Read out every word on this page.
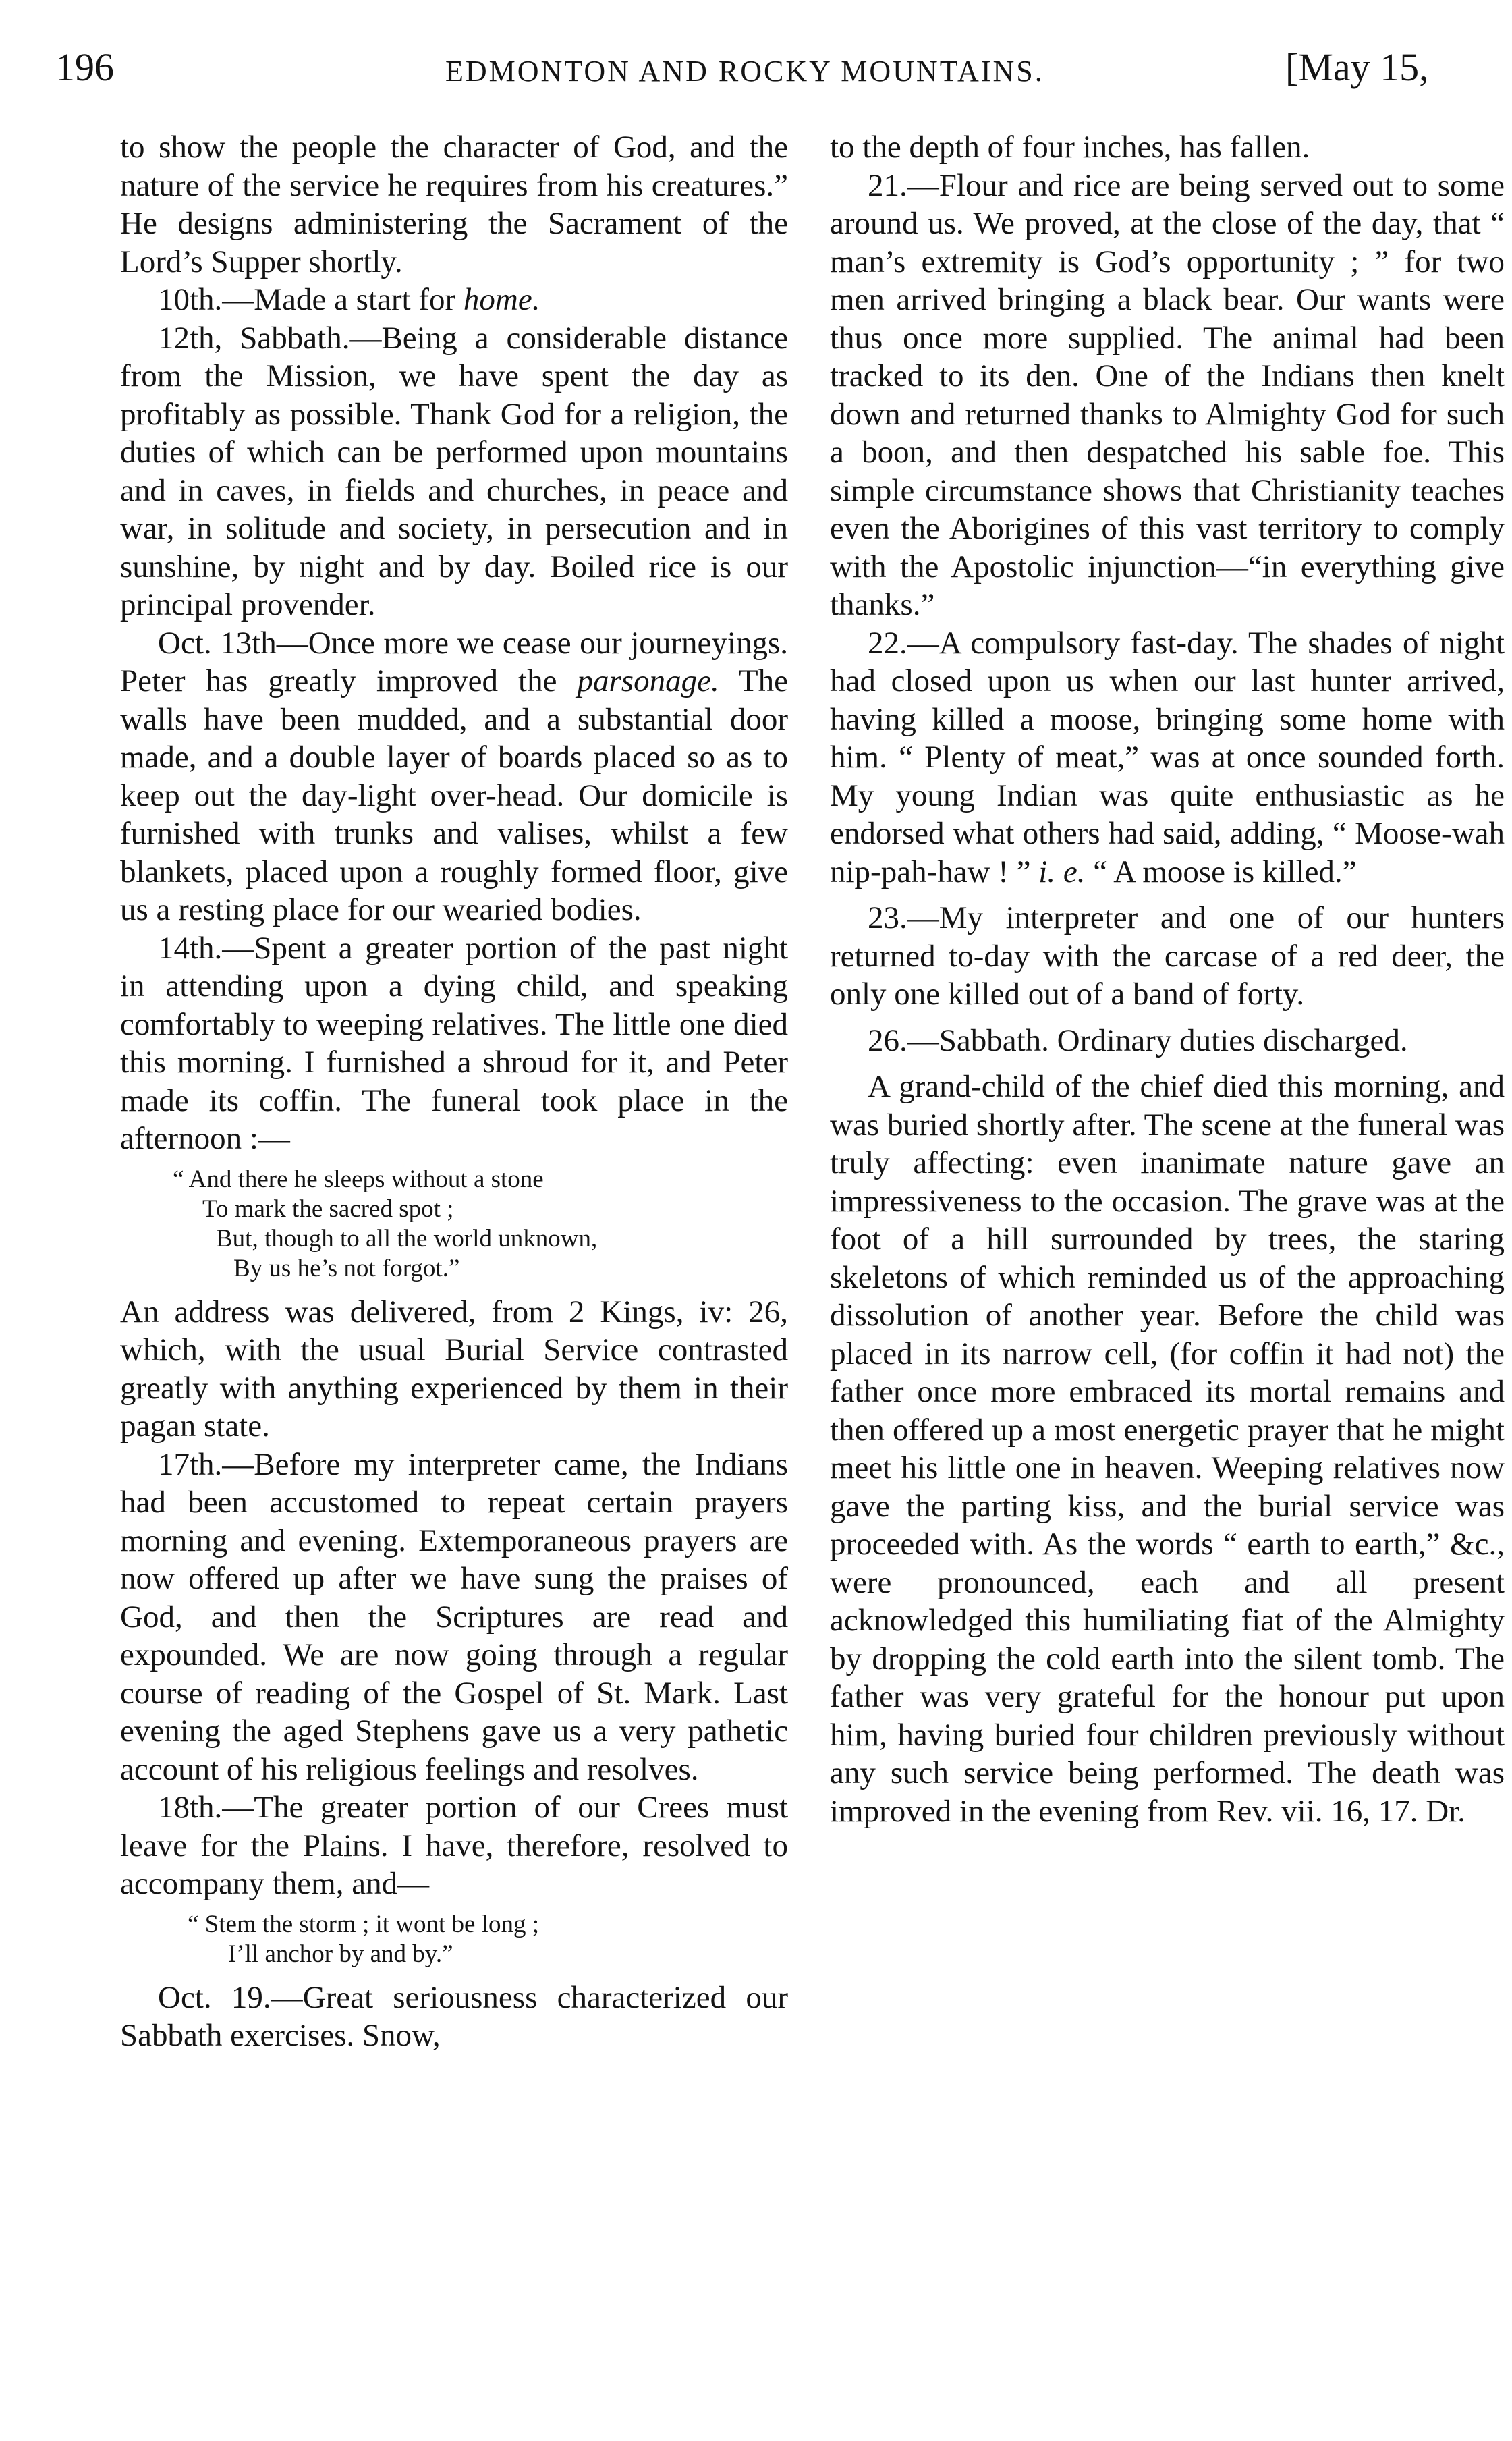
196	EDMONTON AND ROCKY MOUNTAINS.	[May 15,

to show the people the character of God, and the nature of the service he requires from his creatures.” He designs administering the Sacrament of the Lord’s Supper shortly.

10th.—Made a start for home.

12th, Sabbath.—Being a considerable distance from the Mission, we have spent the day as profitably as possible. Thank God for a religion, the duties of which can be performed upon mountains and in caves, in fields and churches, in peace and war, in solitude and society, in persecution and in sunshine, by night and by day. Boiled rice is our principal provender.

Oct. 13th—Once more we cease our journeyings. Peter has greatly improved the parsonage. The walls have been mudded, and a substantial door made, and a double layer of boards placed so as to keep out the day-light over-head. Our domicile is furnished with trunks and valises, whilst a few blankets, placed upon a roughly formed floor, give us a resting place for our wearied bodies.

14th.—Spent a greater portion of the past night in attending upon a dying child, and speaking comfortably to weeping relatives. The little one died this morning. I furnished a shroud for it, and Peter made its coffin. The funeral took place in the afternoon :—

“ And there he sleeps without a stone
To mark the sacred spot ;
But, though to all the world unknown,
By us he’s not forgot.”

An address was delivered, from 2 Kings, iv: 26, which, with the usual Burial Service contrasted greatly with anything experienced by them in their pagan state.

17th.—Before my interpreter came, the Indians had been accustomed to repeat certain prayers morning and evening. Extemporaneous prayers are now offered up after we have sung the praises of God, and then the Scriptures are read and expounded. We are now going through a regular course of reading of the Gospel of St. Mark. Last evening the aged Stephens gave us a very pathetic account of his religious feelings and resolves.

18th.—The greater portion of our Crees must leave for the Plains. I have, therefore, resolved to accompany them, and—

“ Stem the storm ; it wont be long ;
I’ll anchor by and by.”

Oct. 19.—Great seriousness characterized our Sabbath exercises. Snow,

to the depth of four inches, has fallen.

21.—Flour and rice are being served out to some around us. We proved, at the close of the day, that “ man’s extremity is God’s opportunity ; ” for two men arrived bringing a black bear. Our wants were thus once more supplied. The animal had been tracked to its den. One of the Indians then knelt down and returned thanks to Almighty God for such a boon, and then despatched his sable foe. This simple circumstance shows that Christianity teaches even the Aborigines of this vast territory to comply with the Apostolic injunction—“in everything give thanks.”

22.—A compulsory fast-day. The shades of night had closed upon us when our last hunter arrived, having killed a moose, bringing some home with him. “ Plenty of meat,” was at once sounded forth. My young Indian was quite enthusiastic as he endorsed what others had said, adding, “ Moose-wah nip-pah-haw ! ” i. e. “ A moose is killed.”

23.—My interpreter and one of our hunters returned to-day with the carcase of a red deer, the only one killed out of a band of forty.

26.—Sabbath. Ordinary duties discharged.

A grand-child of the chief died this morning, and was buried shortly after. The scene at the funeral was truly affecting: even inanimate nature gave an impressiveness to the occasion. The grave was at the foot of a hill surrounded by trees, the staring skeletons of which reminded us of the approaching dissolution of another year. Before the child was placed in its narrow cell, (for coffin it had not) the father once more embraced its mortal remains and then offered up a most energetic prayer that he might meet his little one in heaven. Weeping relatives now gave the parting kiss, and the burial service was proceeded with. As the words “ earth to earth,” &c., were pronounced, each and all present acknowledged this humiliating fiat of the Almighty by dropping the cold earth into the silent tomb. The father was very grateful for the honour put upon him, having buried four children previously without any such service being performed. The death was improved in the evening from Rev. vii. 16, 17. Dr.
